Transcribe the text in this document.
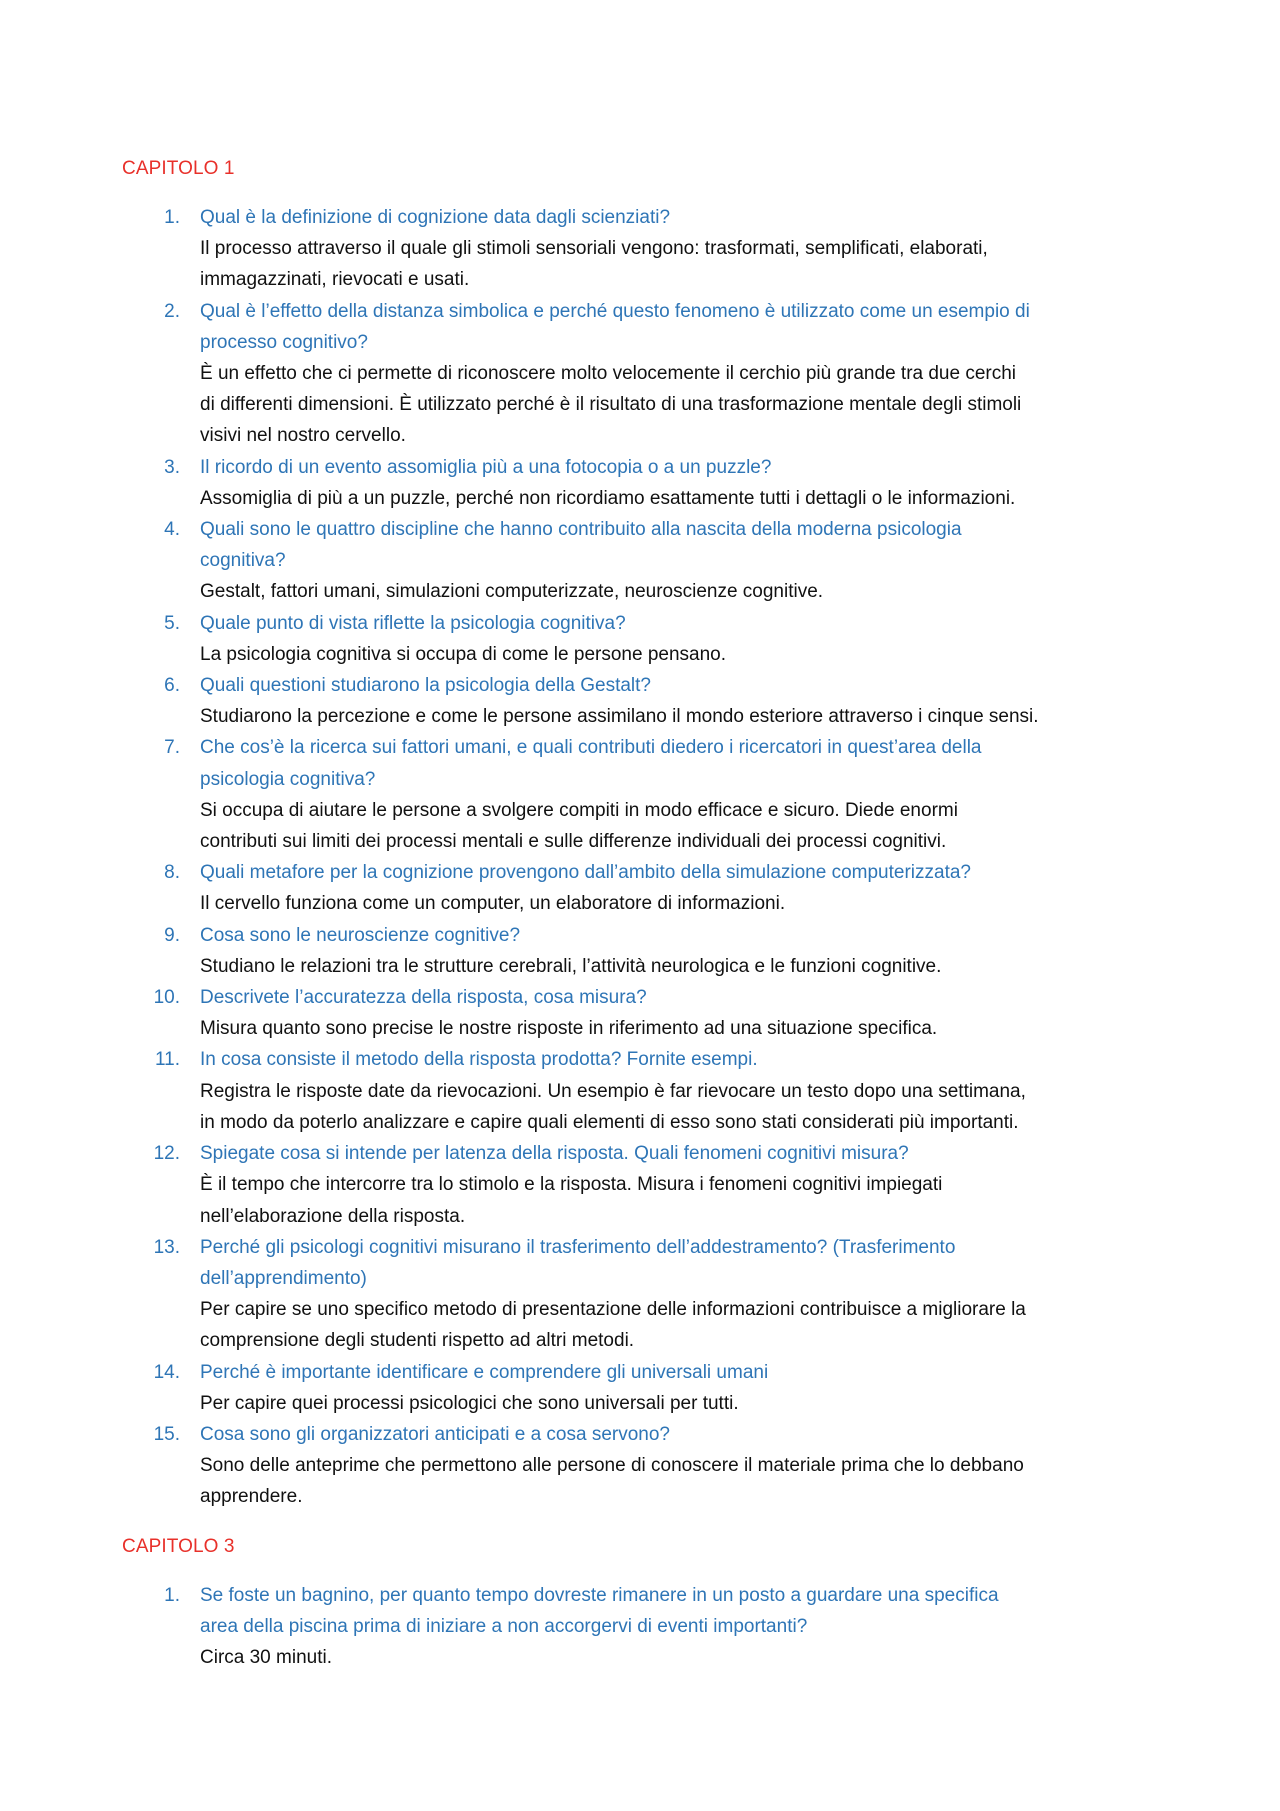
CAPITOLO 1
1. Qual è la definizione di cognizione data dagli scienziati?
Il processo attraverso il quale gli stimoli sensoriali vengono: trasformati, semplificati, elaborati,
immagazzinati, rievocati e usati.
2. Qual è l’effetto della distanza simbolica e perché questo fenomeno è utilizzato come un esempio di
processo cognitivo?
È un effetto che ci permette di riconoscere molto velocemente il cerchio più grande tra due cerchi
di differenti dimensioni. È utilizzato perché è il risultato di una trasformazione mentale degli stimoli
visivi nel nostro cervello.
3. Il ricordo di un evento assomiglia più a una fotocopia o a un puzzle?
Assomiglia di più a un puzzle, perché non ricordiamo esattamente tutti i dettagli o le informazioni.
4. Quali sono le quattro discipline che hanno contribuito alla nascita della moderna psicologia
cognitiva?
Gestalt, fattori umani, simulazioni computerizzate, neuroscienze cognitive.
5. Quale punto di vista riflette la psicologia cognitiva?
La psicologia cognitiva si occupa di come le persone pensano.
6. Quali questioni studiarono la psicologia della Gestalt?
Studiarono la percezione e come le persone assimilano il mondo esteriore attraverso i cinque sensi.
7. Che cos’è la ricerca sui fattori umani, e quali contributi diedero i ricercatori in quest’area della
psicologia cognitiva?
Si occupa di aiutare le persone a svolgere compiti in modo efficace e sicuro. Diede enormi
contributi sui limiti dei processi mentali e sulle differenze individuali dei processi cognitivi.
8. Quali metafore per la cognizione provengono dall’ambito della simulazione computerizzata?
Il cervello funziona come un computer, un elaboratore di informazioni.
9. Cosa sono le neuroscienze cognitive?
Studiano le relazioni tra le strutture cerebrali, l’attività neurologica e le funzioni cognitive.
10. Descrivete l’accuratezza della risposta, cosa misura?
Misura quanto sono precise le nostre risposte in riferimento ad una situazione specifica.
11. In cosa consiste il metodo della risposta prodotta? Fornite esempi.
Registra le risposte date da rievocazioni. Un esempio è far rievocare un testo dopo una settimana,
in modo da poterlo analizzare e capire quali elementi di esso sono stati considerati più importanti.
12. Spiegate cosa si intende per latenza della risposta. Quali fenomeni cognitivi misura?
È il tempo che intercorre tra lo stimolo e la risposta. Misura i fenomeni cognitivi impiegati
nell’elaborazione della risposta.
13. Perché gli psicologi cognitivi misurano il trasferimento dell’addestramento? (Trasferimento
dell’apprendimento)
Per capire se uno specifico metodo di presentazione delle informazioni contribuisce a migliorare la
comprensione degli studenti rispetto ad altri metodi.
14. Perché è importante identificare e comprendere gli universali umani
Per capire quei processi psicologici che sono universali per tutti.
15. Cosa sono gli organizzatori anticipati e a cosa servono?
Sono delle anteprime che permettono alle persone di conoscere il materiale prima che lo debbano
apprendere.
CAPITOLO 3
1. Se foste un bagnino, per quanto tempo dovreste rimanere in un posto a guardare una specifica
area della piscina prima di iniziare a non accorgervi di eventi importanti?
Circa 30 minuti.
